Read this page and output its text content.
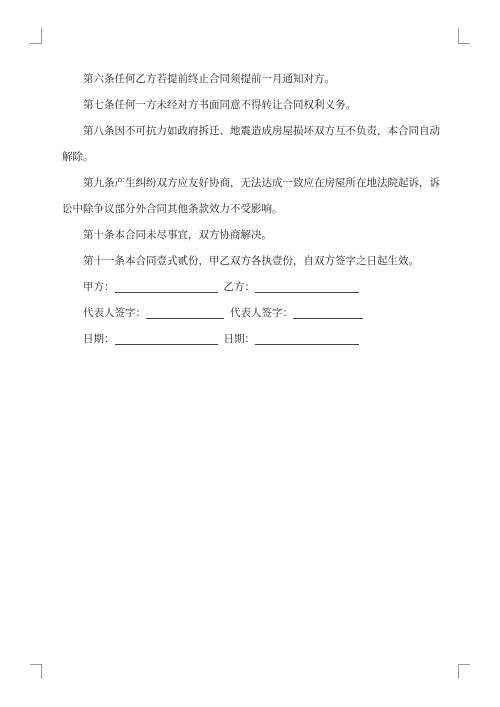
第六条任何乙方若提前终止合同须提前一月通知对方。

第七条任何一方未经对方书面同意不得转让合同权利义务。

第八条因不可抗力如政府拆迁、地震造成房屋损坏双方互不负责，本合同自动解除。

第九条产生纠纷双方应友好协商，无法达成一致应在房屋所在地法院起诉，诉讼中除争议部分外合同其他条款效力不受影响。

第十条本合同未尽事宜，双方协商解决。

第十一条本合同壹式贰份，甲乙双方各执壹份，自双方签字之日起生效。

甲方：	乙方：
代表人签字：	代表人签字：
日期：	日期：
